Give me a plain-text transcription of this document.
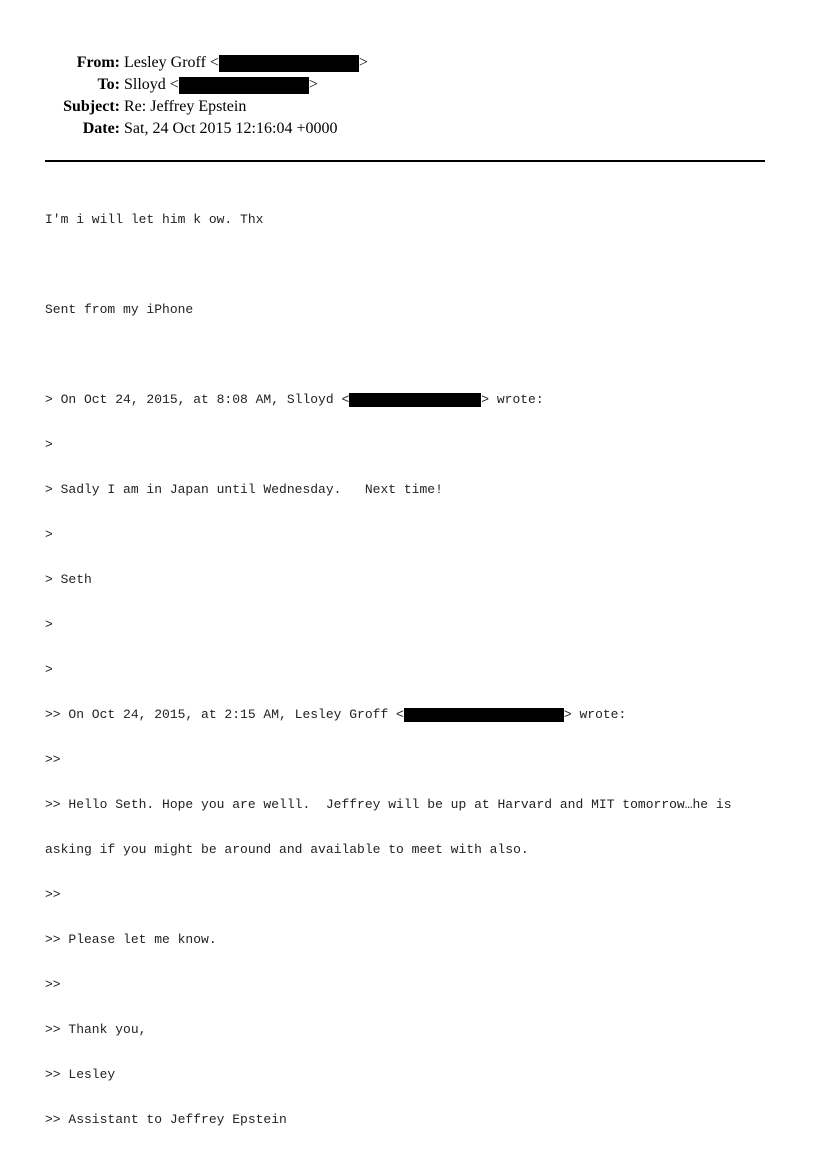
From: Lesley Groff <	>
To: Slloyd <	>
Subject: Re: Jeffrey Epstein
Date: Sat, 24 Oct 2015 12:16:04 +0000

I'm i will let him k ow. Thx

Sent from my iPhone

> On Oct 24, 2015, at 8:08 AM, Slloyd <	> wrote:

>

> Sadly I am in Japan until Wednesday.   Next time!

>

> Seth

>

>

>> On Oct 24, 2015, at 2:15 AM, Lesley Groff <	> wrote:

>>

>> Hello Seth. Hope you are welll.  Jeffrey will be up at Harvard and MIT tomorrow…he is

asking if you might be around and available to meet with also.

>>

>> Please let me know.

>>

>> Thank you,

>> Lesley

>> Assistant to Jeffrey Epstein
